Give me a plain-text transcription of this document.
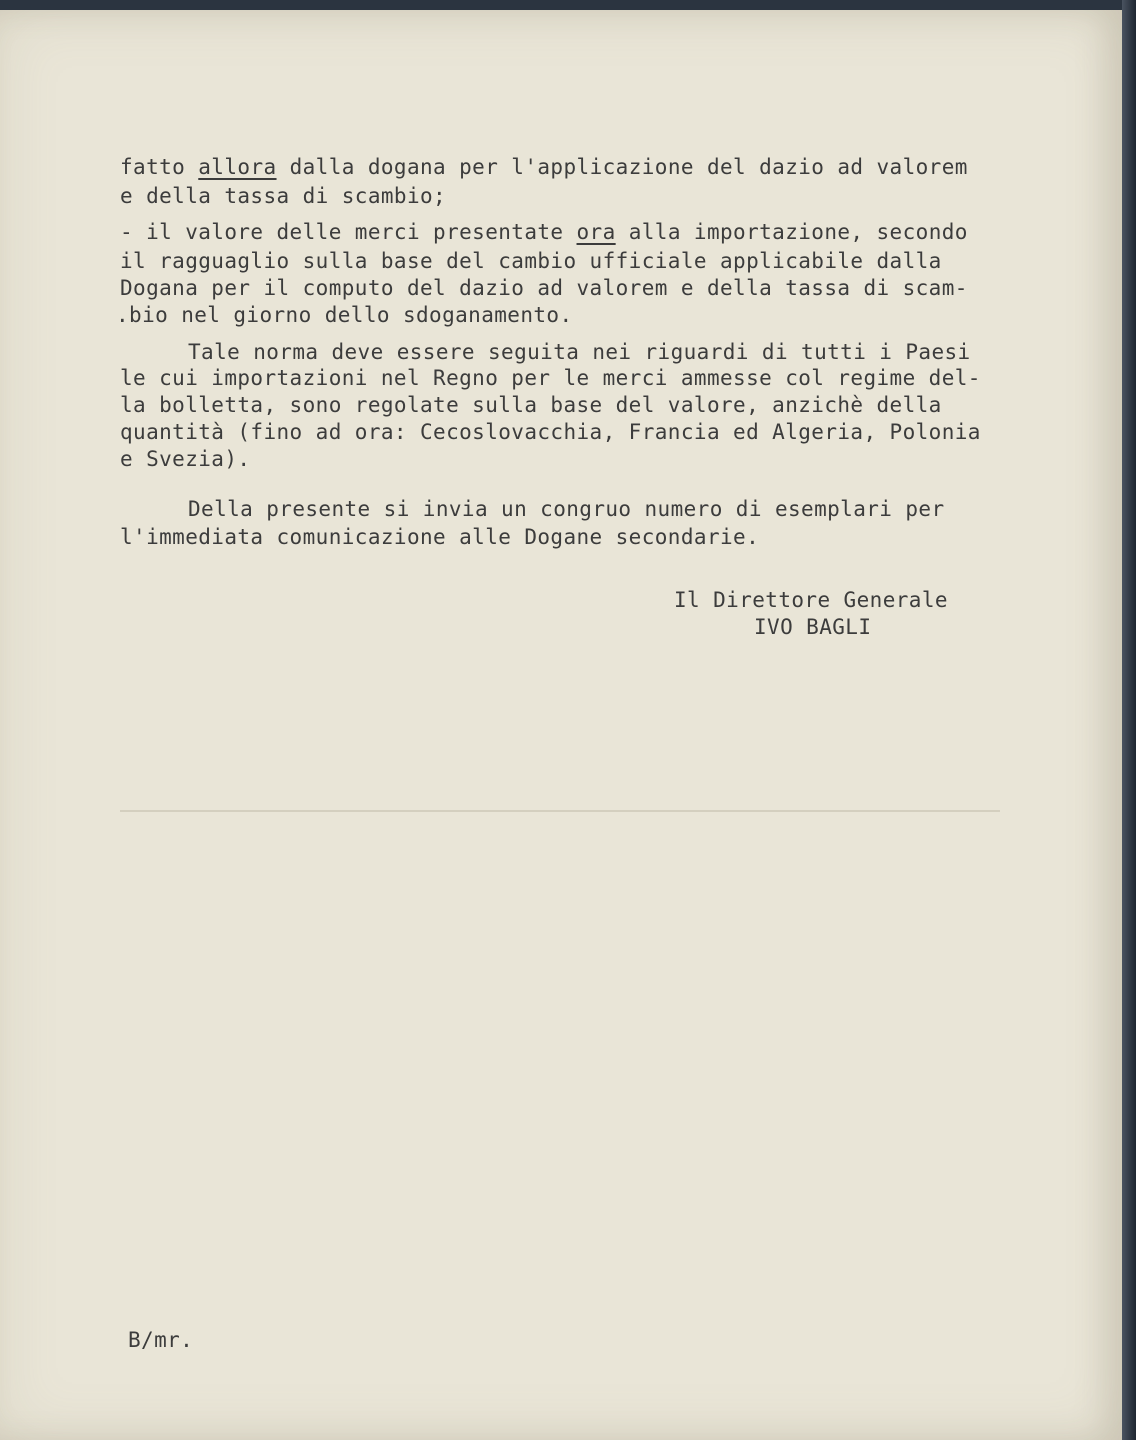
fatto allora dalla dogana per l'applicazione del dazio ad valorem
e della tassa di scambio;
- il valore delle merci presentate ora alla importazione, secondo
il ragguaglio sulla base del cambio ufficiale applicabile dalla
Dogana per il computo del dazio ad valorem e della tassa di scam-
.bio nel giorno dello sdoganamento.
Tale norma deve essere seguita nei riguardi di tutti i Paesi
le cui importazioni nel Regno per le merci ammesse col regime del-
la bolletta, sono regolate sulla base del valore, anzichè della
quantità (fino ad ora: Cecoslovacchia, Francia ed Algeria, Polonia
e Svezia).
Della presente si invia un congruo numero di esemplari per
l'immediata comunicazione alle Dogane secondarie.
Il Direttore Generale
IVO BAGLI
B/mr.
